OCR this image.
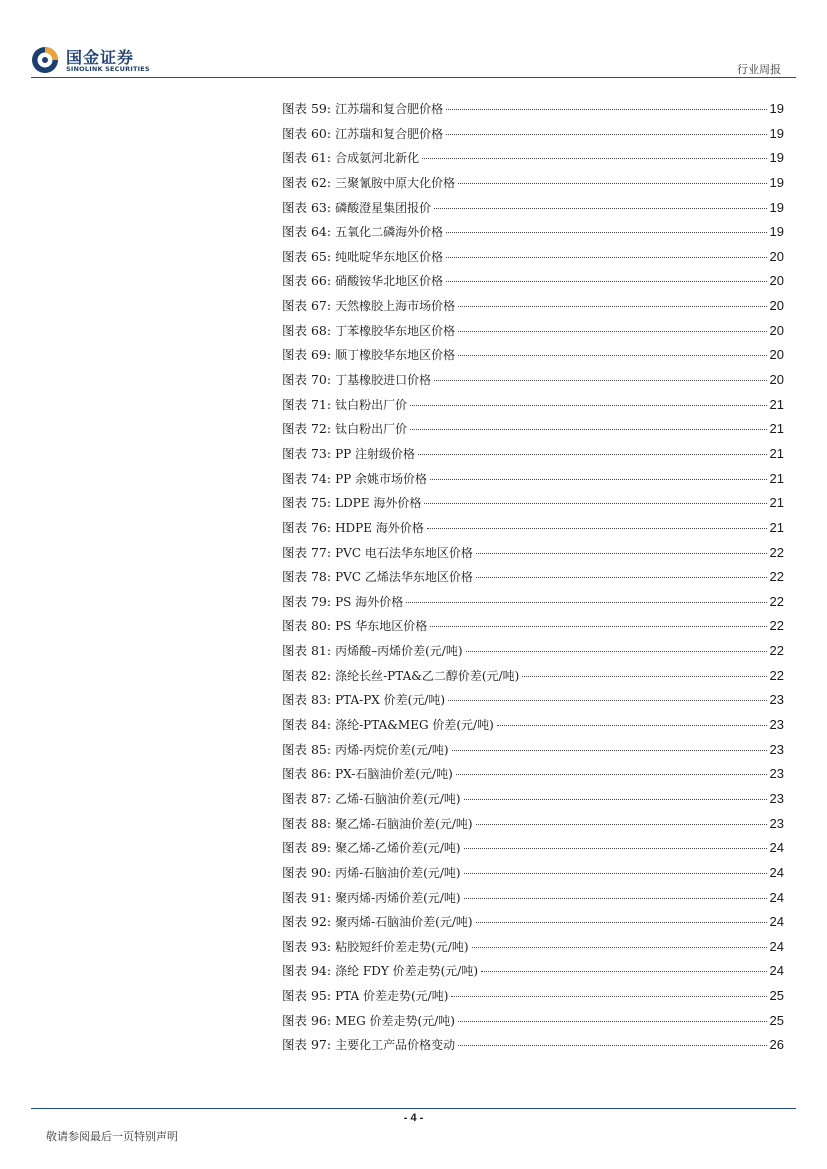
国金证券
SINOLINK SECURITIES	行业周报
图表 59: 江苏瑞和复合肥价格	19
图表 60: 江苏瑞和复合肥价格	19
图表 61: 合成氨河北新化	19
图表 62: 三聚氰胺中原大化价格	19
图表 63: 磷酸澄星集团报价	19
图表 64: 五氧化二磷海外价格	19
图表 65: 纯吡啶华东地区价格	20
图表 66: 硝酸铵华北地区价格	20
图表 67: 天然橡胶上海市场价格	20
图表 68: 丁苯橡胶华东地区价格	20
图表 69: 顺丁橡胶华东地区价格	20
图表 70: 丁基橡胶进口价格	20
图表 71: 钛白粉出厂价	21
图表 72: 钛白粉出厂价	21
图表 73: PP 注射级价格	21
图表 74: PP 余姚市场价格	21
图表 75: LDPE 海外价格	21
图表 76: HDPE 海外价格	21
图表 77: PVC 电石法华东地区价格	22
图表 78: PVC 乙烯法华东地区价格	22
图表 79: PS 海外价格	22
图表 80: PS 华东地区价格	22
图表 81: 丙烯酸–丙烯价差(元/吨)	22
图表 82: 涤纶长丝-PTA&乙二醇价差(元/吨)	22
图表 83: PTA-PX 价差(元/吨)	23
图表 84: 涤纶-PTA&MEG 价差(元/吨)	23
图表 85: 丙烯-丙烷价差(元/吨)	23
图表 86: PX-石脑油价差(元/吨)	23
图表 87: 乙烯-石脑油价差(元/吨)	23
图表 88: 聚乙烯-石脑油价差(元/吨)	23
图表 89: 聚乙烯-乙烯价差(元/吨)	24
图表 90: 丙烯-石脑油价差(元/吨)	24
图表 91: 聚丙烯-丙烯价差(元/吨)	24
图表 92: 聚丙烯-石脑油价差(元/吨)	24
图表 93: 粘胶短纤价差走势(元/吨)	24
图表 94: 涤纶 FDY 价差走势(元/吨)	24
图表 95: PTA 价差走势(元/吨)	25
图表 96: MEG 价差走势(元/吨)	25
图表 97: 主要化工产品价格变动	26
- 4 -
敬请参阅最后一页特别声明
